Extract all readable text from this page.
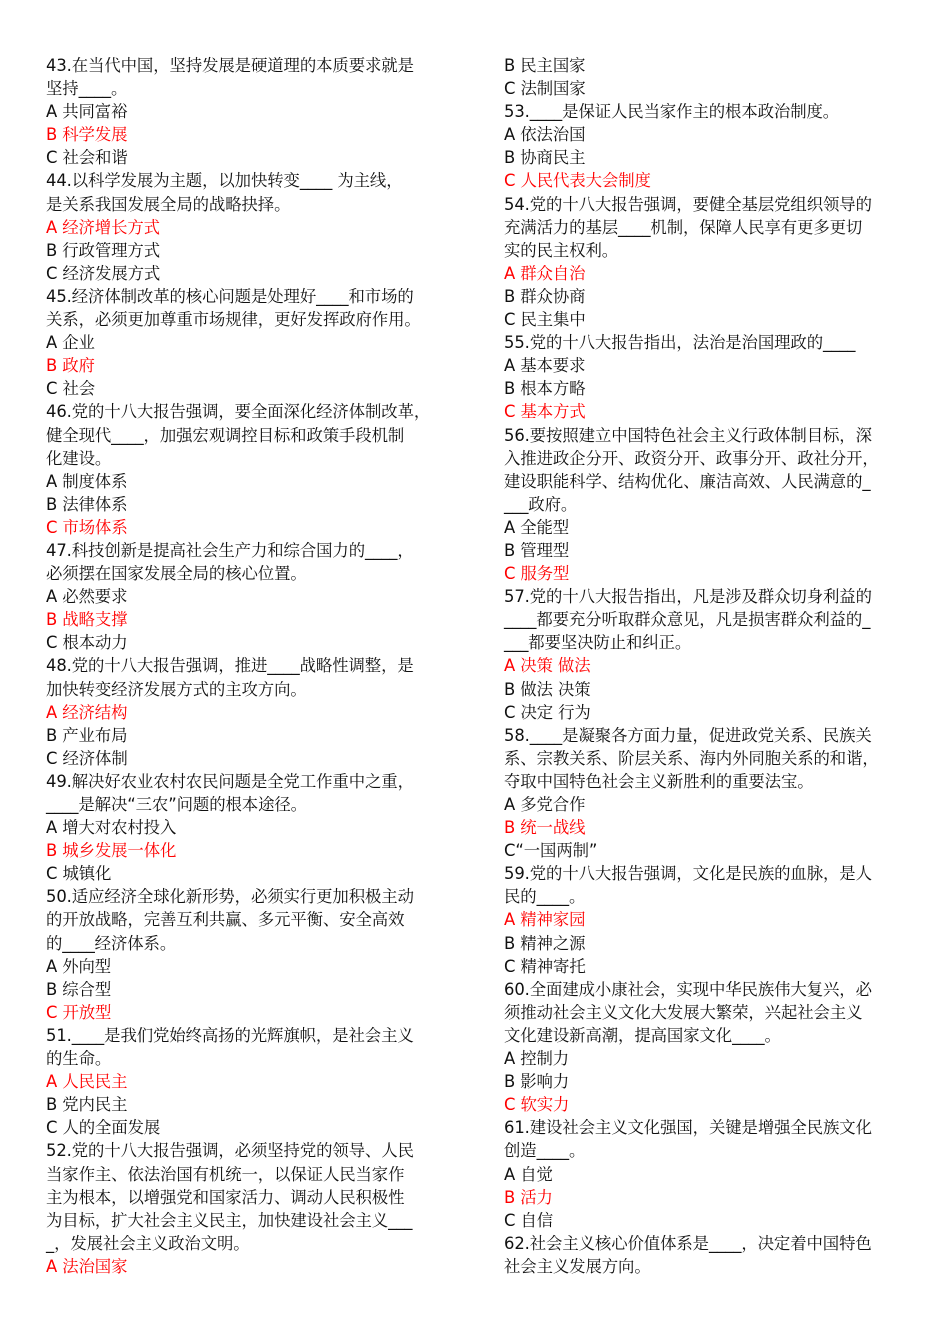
43.在当代中国，坚持发展是硬道理的本质要求就是

坚持____。

A 共同富裕

B 科学发展

C 社会和谐

44.以科学发展为主题，以加快转变____ 为主线，

是关系我国发展全局的战略抉择。

A 经济增长方式

B 行政管理方式

C 经济发展方式

45.经济体制改革的核心问题是处理好____和市场的

关系，必须更加尊重市场规律，更好发挥政府作用。

A 企业

B 政府

C 社会

46.党的十八大报告强调，要全面深化经济体制改革，

健全现代____，加强宏观调控目标和政策手段机制

化建设。

A 制度体系

B 法律体系

C 市场体系

47.科技创新是提高社会生产力和综合国力的____，

必须摆在国家发展全局的核心位置。

A 必然要求

B 战略支撑

C 根本动力

48.党的十八大报告强调，推进____战略性调整，是

加快转变经济发展方式的主攻方向。

A 经济结构

B 产业布局

C 经济体制

49.解决好农业农村农民问题是全党工作重中之重，

____是解决“三农”问题的根本途径。

A 增大对农村投入

B 城乡发展一体化

C 城镇化

50.适应经济全球化新形势，必须实行更加积极主动

的开放战略，完善互利共赢、多元平衡、安全高效

的____经济体系。

A 外向型

B 综合型

C 开放型

51.____是我们党始终高扬的光辉旗帜，是社会主义

的生命。

A 人民民主

B 党内民主

C 人的全面发展

52.党的十八大报告强调，必须坚持党的领导、人民

当家作主、依法治国有机统一，以保证人民当家作

主为根本，以增强党和国家活力、调动人民积极性

为目标，扩大社会主义民主，加快建设社会主义___

_，发展社会主义政治文明。

A 法治国家

B 民主国家

C 法制国家

53.____是保证人民当家作主的根本政治制度。

A 依法治国

B 协商民主

C 人民代表大会制度

54.党的十八大报告强调，要健全基层党组织领导的

充满活力的基层____机制，保障人民享有更多更切

实的民主权利。

A 群众自治

B 群众协商

C 民主集中

55.党的十八大报告指出，法治是治国理政的____

A 基本要求

B 根本方略

C 基本方式

56.要按照建立中国特色社会主义行政体制目标，深

入推进政企分开、政资分开、政事分开、政社分开，

建设职能科学、结构优化、廉洁高效、人民满意的_

___政府。

A 全能型

B 管理型

C 服务型

57.党的十八大报告指出，凡是涉及群众切身利益的

____都要充分听取群众意见，凡是损害群众利益的_

___都要坚决防止和纠正。

A 决策 做法

B 做法 决策

C 决定 行为

58.____是凝聚各方面力量，促进政党关系、民族关

系、宗教关系、阶层关系、海内外同胞关系的和谐，

夺取中国特色社会主义新胜利的重要法宝。

A 多党合作

B 统一战线

C“一国两制”

59.党的十八大报告强调，文化是民族的血脉，是人

民的____。

A 精神家园

B 精神之源

C 精神寄托

60.全面建成小康社会，实现中华民族伟大复兴，必

须推动社会主义文化大发展大繁荣，兴起社会主义

文化建设新高潮，提高国家文化____。

A 控制力

B 影响力

C 软实力

61.建设社会主义文化强国，关键是增强全民族文化

创造____。

A 自觉

B 活力

C 自信

62.社会主义核心价值体系是____，决定着中国特色

社会主义发展方向。
